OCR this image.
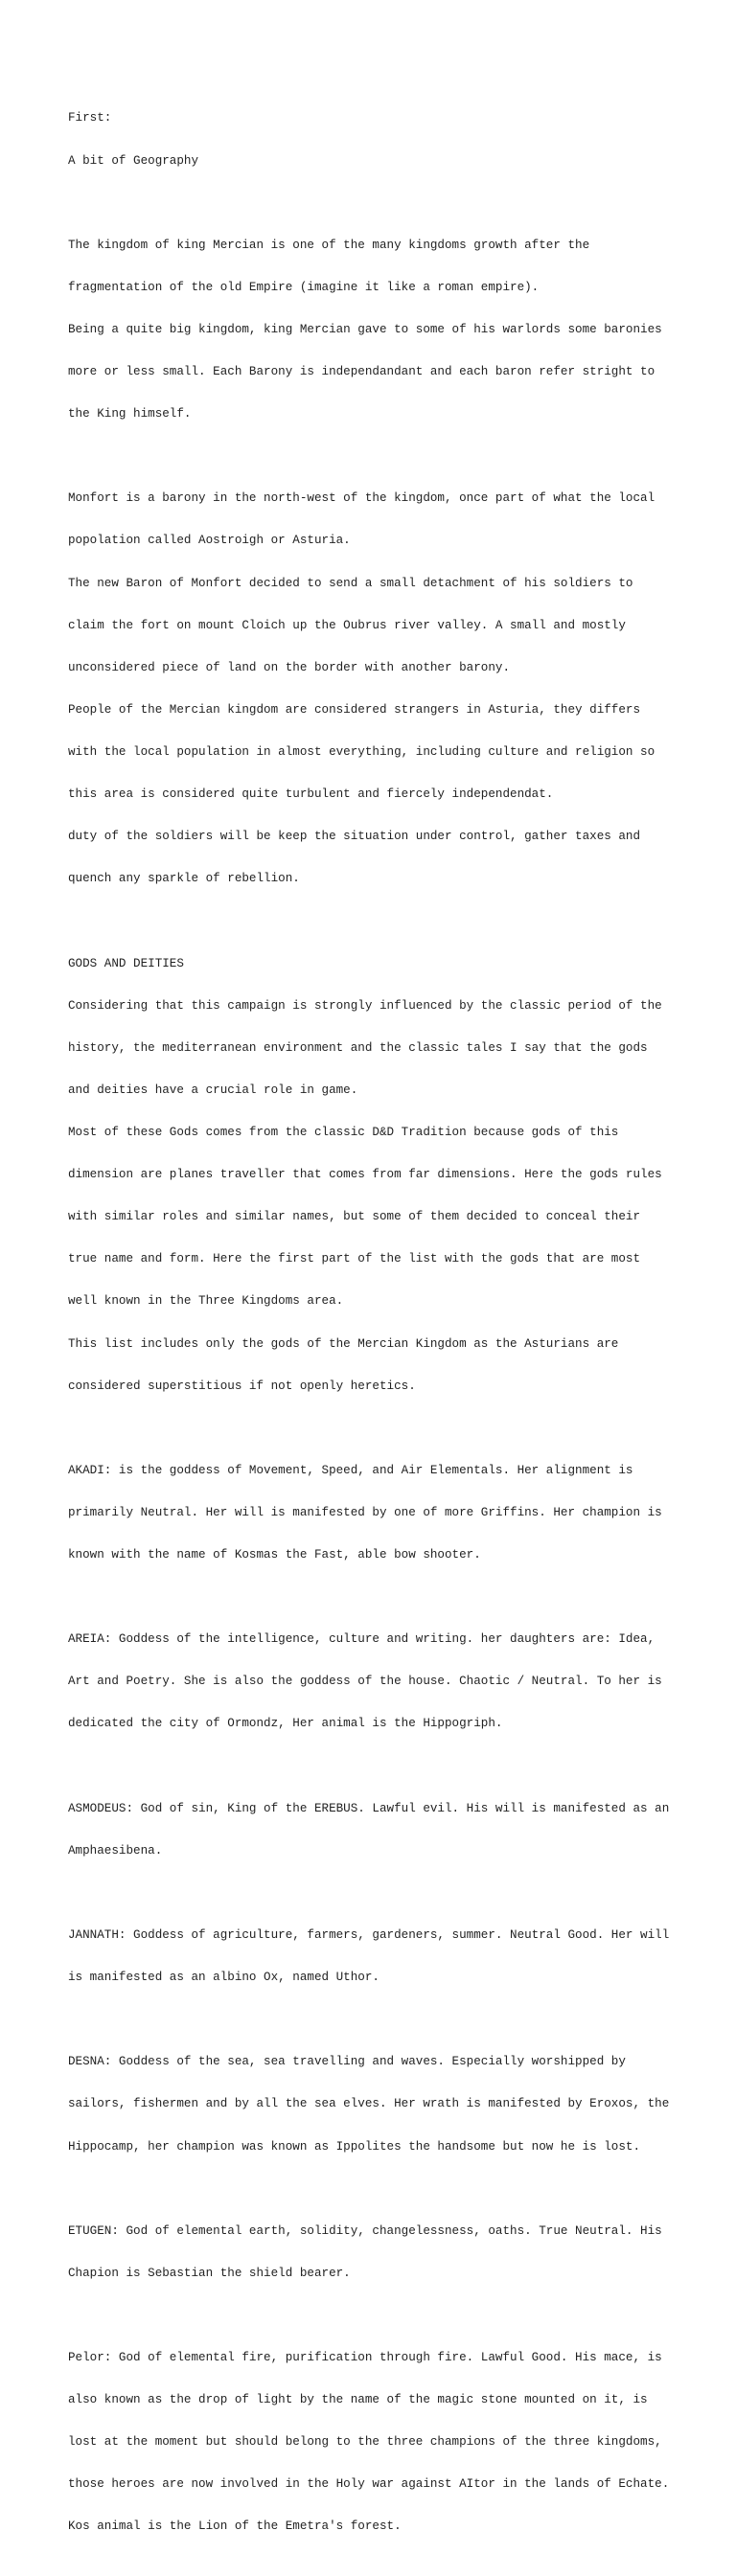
First:

A bit of Geography

The kingdom of king Mercian is one of the many kingdoms growth after the

fragmentation of the old Empire (imagine it like a roman empire).

Being a quite big kingdom, king Mercian gave to some of his warlords some baronies

more or less small. Each Barony is independandant and each baron refer stright to

the King himself.

Monfort is a barony in the north-west of the kingdom, once part of what the local

popolation called Aostroigh or Asturia.

The new Baron of Monfort decided to send a small detachment of his soldiers to

claim the fort on mount Cloich up the Oubrus river valley. A small and mostly

unconsidered piece of land on the border with another barony.

People of the Mercian kingdom are considered strangers in Asturia, they differs

with the local population in almost everything, including culture and religion so

this area is considered quite turbulent and fiercely independendat.

duty of the soldiers will be keep the situation under control, gather taxes and

quench any sparkle of rebellion.

GODS AND DEITIES

Considering that this campaign is strongly influenced by the classic period of the

history, the mediterranean environment and the classic tales I say that the gods

and deities have a crucial role in game.

Most of these Gods comes from the classic D&D Tradition because gods of this

dimension are planes traveller that comes from far dimensions. Here the gods rules

with similar roles and similar names, but some of them decided to conceal their

true name and form. Here the first part of the list with the gods that are most

well known in the Three Kingdoms area.

This list includes only the gods of the Mercian Kingdom as the Asturians are

considered superstitious if not openly heretics.

AKADI: is the goddess of Movement, Speed, and Air Elementals. Her alignment is

primarily Neutral. Her will is manifested by one of more Griffins. Her champion is

known with the name of Kosmas the Fast, able bow shooter.

AREIA: Goddess of the intelligence, culture and writing. her daughters are: Idea,

Art and Poetry. She is also the goddess of the house. Chaotic / Neutral. To her is

dedicated the city of Ormondz, Her animal is the Hippogriph.

ASMODEUS: God of sin, King of the EREBUS. Lawful evil. His will is manifested as an

Amphaesibena.

JANNATH: Goddess of agriculture, farmers, gardeners, summer. Neutral Good. Her will

is manifested as an albino Ox, named Uthor.

DESNA: Goddess of the sea, sea travelling and waves. Especially worshipped by

sailors, fishermen and by all the sea elves. Her wrath is manifested by Eroxos, the

Hippocamp, her champion was known as Ippolites the handsome but now he is lost.

ETUGEN: God of elemental earth, solidity, changelessness, oaths. True Neutral. His

Chapion is Sebastian the shield bearer.

Pelor: God of elemental fire, purification through fire. Lawful Good. His mace, is

also known as the drop of light by the name of the magic stone mounted on it, is

lost at the moment but should belong to the three champions of the three kingdoms,

those heroes are now involved in the Holy war against AItor in the lands of Echate.

Kos animal is the Lion of the Emetra's forest.
